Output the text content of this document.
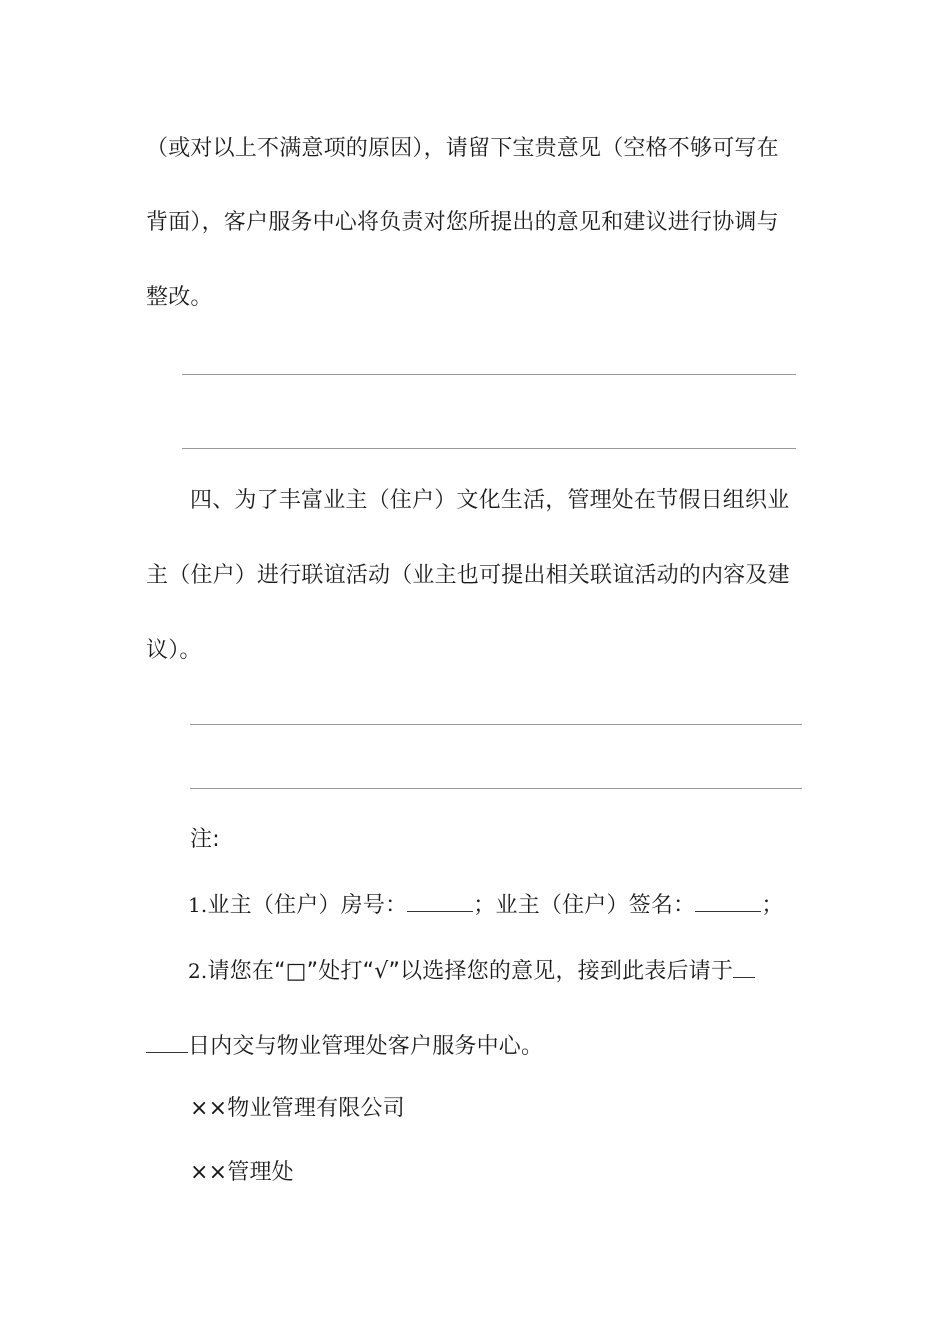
（或对以上不满意项的原因），请留下宝贵意见（空格不够可写在
背面），客户服务中心将负责对您所提出的意见和建议进行协调与
整改。
四、为了丰富业主（住户）文化生活，管理处在节假日组织业
主（住户）进行联谊活动（业主也可提出相关联谊活动的内容及建
议）。
注:
1.业主（住户）房号：	；业主（住户）签名：	；
2.请您在“□”处打“√”以选择您的意见，接到此表后请于
日内交与物业管理处客户服务中心。
××物业管理有限公司
××管理处
